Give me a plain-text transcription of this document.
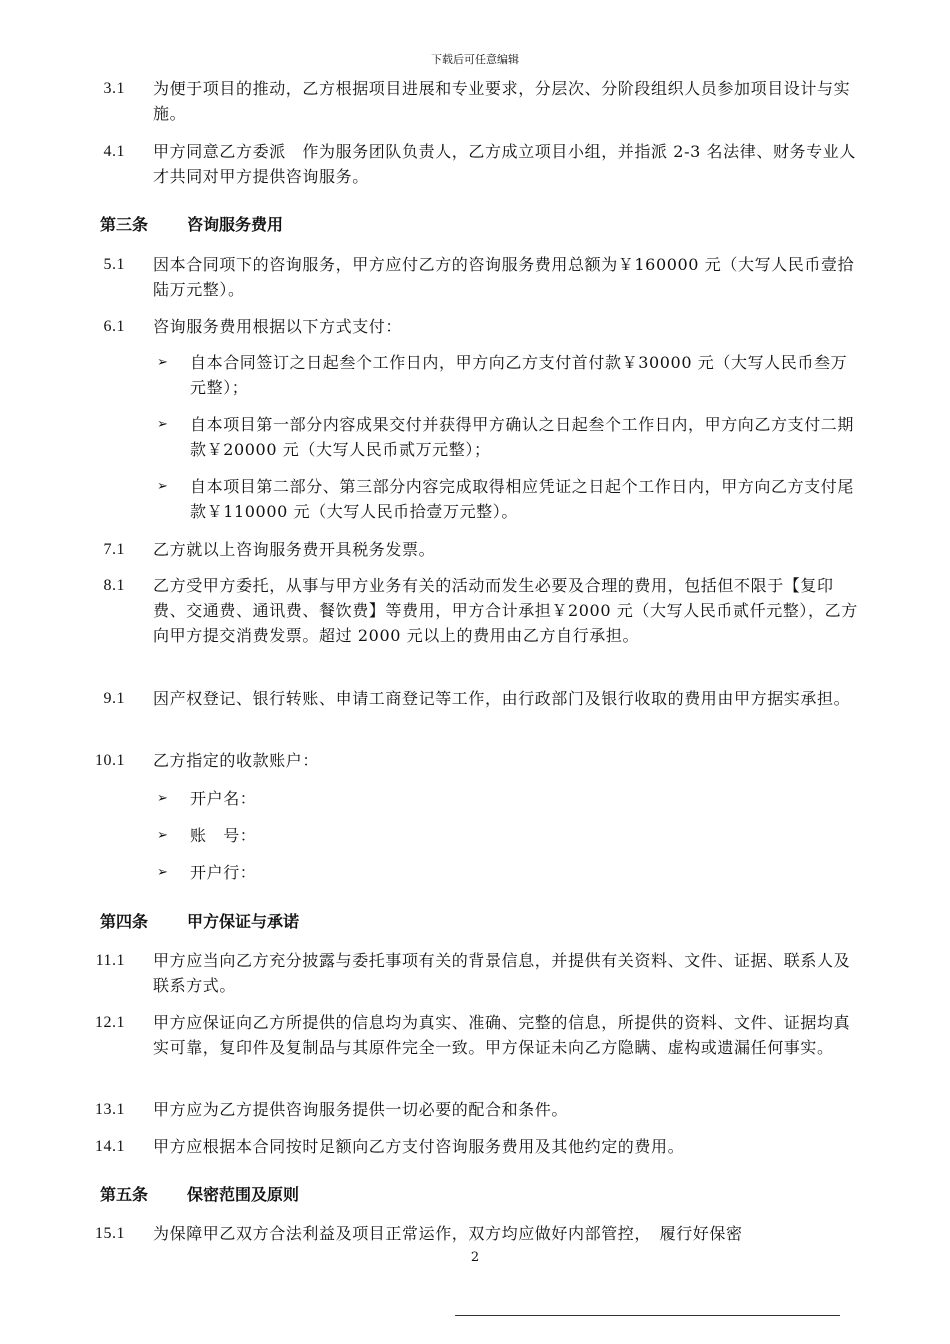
下载后可任意编辑
3.1 为便于项目的推动，乙方根据项目进展和专业要求，分层次、分阶段组织人员参加项目设计与实施。
4.1 甲方同意乙方委派　作为服务团队负责人，乙方成立项目小组，并指派 2-3 名法律、财务专业人才共同对甲方提供咨询服务。
第三条 咨询服务费用
5.1 因本合同项下的咨询服务，甲方应付乙方的咨询服务费用总额为￥160000 元（大写人民币壹拾陆万元整）。
6.1 咨询服务费用根据以下方式支付：
➢	自本合同签订之日起叁个工作日内，甲方向乙方支付首付款￥30000 元（大写人民币叁万元整）；
➢	自本项目第一部分内容成果交付并获得甲方确认之日起叁个工作日内，甲方向乙方支付二期款￥20000 元（大写人民币贰万元整）；
➢	自本项目第二部分、第三部分内容完成取得相应凭证之日起个工作日内，甲方向乙方支付尾款￥110000 元（大写人民币拾壹万元整）。
7.1 乙方就以上咨询服务费开具税务发票。
8.1 乙方受甲方委托，从事与甲方业务有关的活动而发生必要及合理的费用，包括但不限于【复印费、交通费、通讯费、餐饮费】等费用，甲方合计承担￥2000 元（大写人民币贰仟元整），乙方向甲方提交消费发票。超过 2000 元以上的费用由乙方自行承担。
9.1 因产权登记、银行转账、申请工商登记等工作，由行政部门及银行收取的费用由甲方据实承担。
10.1 乙方指定的收款账户：
➢	开户名：
➢	账　号：
➢	开户行：
第四条 甲方保证与承诺
11.1 甲方应当向乙方充分披露与委托事项有关的背景信息，并提供有关资料、文件、证据、联系人及联系方式。
12.1 甲方应保证向乙方所提供的信息均为真实、准确、完整的信息，所提供的资料、文件、证据均真实可靠，复印件及复制品与其原件完全一致。甲方保证未向乙方隐瞒、虚构或遗漏任何事实。
13.1 甲方应为乙方提供咨询服务提供一切必要的配合和条件。
14.1 甲方应根据本合同按时足额向乙方支付咨询服务费用及其他约定的费用。
第五条 保密范围及原则
15.1 为保障甲乙双方合法利益及项目正常运作，双方均应做好内部管控，　履行好保密
2
